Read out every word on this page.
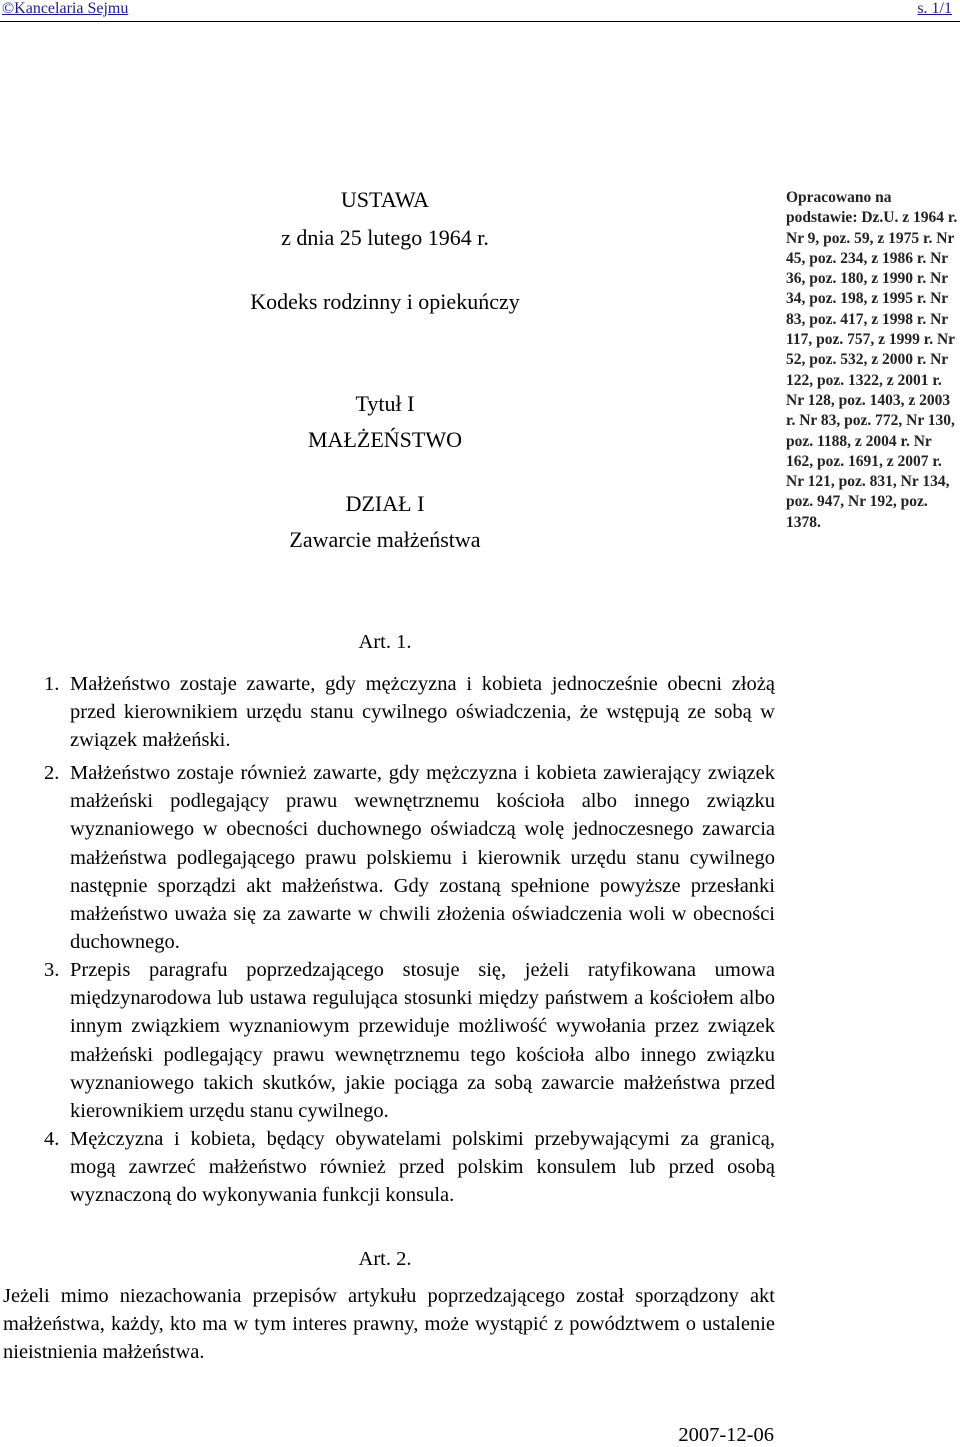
©Kancelaria Sejmu	s. 1/1
USTAWA
z dnia 25 lutego 1964 r.
Kodeks rodzinny i opiekuńczy
Tytuł I
MAŁŻEŃSTWO
DZIAŁ I
Zawarcie małżeństwa
Opracowano na podstawie: Dz.U. z 1964 r. Nr 9, poz. 59, z 1975 r. Nr 45, poz. 234, z 1986 r. Nr 36, poz. 180, z 1990 r. Nr 34, poz. 198, z 1995 r. Nr 83, poz. 417, z 1998 r. Nr 117, poz. 757, z 1999 r. Nr 52, poz. 532, z 2000 r. Nr 122, poz. 1322, z 2001 r. Nr 128, poz. 1403, z 2003 r. Nr 83, poz. 772, Nr 130, poz. 1188, z 2004 r. Nr 162, poz. 1691, z 2007 r. Nr 121, poz. 831, Nr 134, poz. 947, Nr 192, poz. 1378.
Art. 1.
1. Małżeństwo zostaje zawarte, gdy mężczyzna i kobieta jednocześnie obecni złożą przed kierownikiem urzędu stanu cywilnego oświadczenia, że wstępują ze sobą w związek małżeński.
2. Małżeństwo zostaje również zawarte, gdy mężczyzna i kobieta zawierający związek małżeński podlegający prawu wewnętrznemu kościoła albo innego związku wyznaniowego w obecności duchownego oświadczą wolę jednoczesnego zawarcia małżeństwa podlegającego prawu polskiemu i kierownik urzędu stanu cywilnego następnie sporządzi akt małżeństwa. Gdy zostaną spełnione powyższe przesłanki małżeństwo uważa się za zawarte w chwili złożenia oświadczenia woli w obecności duchownego.
3. Przepis paragrafu poprzedzającego stosuje się, jeżeli ratyfikowana umowa międzynarodowa lub ustawa regulująca stosunki między państwem a kościołem albo innym związkiem wyznaniowym przewiduje możliwość wywołania przez związek małżeński podlegający prawu wewnętrznemu tego kościoła albo innego związku wyznaniowego takich skutków, jakie pociąga za sobą zawarcie małżeństwa przed kierownikiem urzędu stanu cywilnego.
4. Mężczyzna i kobieta, będący obywatelami polskimi przebywającymi za granicą, mogą zawrzeć małżeństwo również przed polskim konsulem lub przed osobą wyznaczoną do wykonywania funkcji konsula.
Art. 2.
Jeżeli mimo niezachowania przepisów artykułu poprzedzającego został sporządzony akt małżeństwa, każdy, kto ma w tym interes prawny, może wystąpić z powództwem o ustalenie nieistnienia małżeństwa.
2007-12-06
